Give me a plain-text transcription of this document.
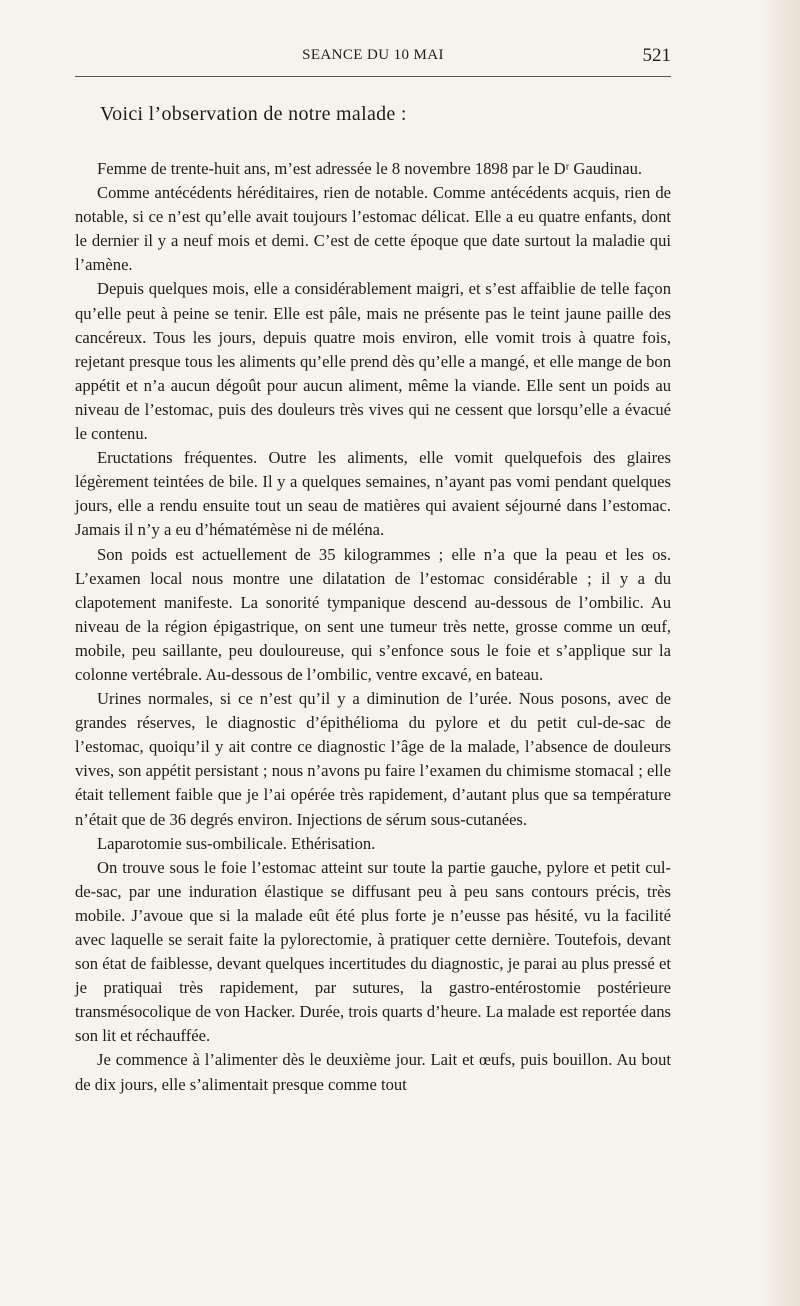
SEANCE DU 10 MAI	521
Voici l’observation de notre malade :

Femme de trente-huit ans, m’est adressée le 8 novembre 1898 par le Dʳ Gaudinau.

Comme antécédents héréditaires, rien de notable. Comme antécédents acquis, rien de notable, si ce n’est qu’elle avait toujours l’estomac délicat. Elle a eu quatre enfants, dont le dernier il y a neuf mois et demi. C’est de cette époque que date surtout la maladie qui l’amène.

Depuis quelques mois, elle a considérablement maigri, et s’est affaiblie de telle façon qu’elle peut à peine se tenir. Elle est pâle, mais ne présente pas le teint jaune paille des cancéreux. Tous les jours, depuis quatre mois environ, elle vomit trois à quatre fois, rejetant presque tous les aliments qu’elle prend dès qu’elle a mangé, et elle mange de bon appétit et n’a aucun dégoût pour aucun aliment, même la viande. Elle sent un poids au niveau de l’estomac, puis des douleurs très vives qui ne cessent que lorsqu’elle a évacué le contenu.

Eructations fréquentes. Outre les aliments, elle vomit quelquefois des glaires légèrement teintées de bile. Il y a quelques semaines, n’ayant pas vomi pendant quelques jours, elle a rendu ensuite tout un seau de matières qui avaient séjourné dans l’estomac. Jamais il n’y a eu d’hématémèse ni de méléna.

Son poids est actuellement de 35 kilogrammes ; elle n’a que la peau et les os. L’examen local nous montre une dilatation de l’estomac considérable ; il y a du clapotement manifeste. La sonorité tympanique descend au-dessous de l’ombilic. Au niveau de la région épigastrique, on sent une tumeur très nette, grosse comme un œuf, mobile, peu saillante, peu douloureuse, qui s’enfonce sous le foie et s’applique sur la colonne vertébrale. Au-dessous de l’ombilic, ventre excavé, en bateau.

Urines normales, si ce n’est qu’il y a diminution de l’urée. Nous posons, avec de grandes réserves, le diagnostic d’épithélioma du pylore et du petit cul-de-sac de l’estomac, quoiqu’il y ait contre ce diagnostic l’âge de la malade, l’absence de douleurs vives, son appétit persistant ; nous n’avons pu faire l’examen du chimisme stomacal ; elle était tellement faible que je l’ai opérée très rapidement, d’autant plus que sa température n’était que de 36 degrés environ. Injections de sérum sous-cutanées.

Laparotomie sus-ombilicale. Ethérisation.

On trouve sous le foie l’estomac atteint sur toute la partie gauche, pylore et petit cul-de-sac, par une induration élastique se diffusant peu à peu sans contours précis, très mobile. J’avoue que si la malade eût été plus forte je n’eusse pas hésité, vu la facilité avec laquelle se serait faite la pylorectomie, à pratiquer cette dernière. Toutefois, devant son état de faiblesse, devant quelques incertitudes du diagnostic, je parai au plus pressé et je pratiquai très rapidement, par sutures, la gastro-entérostomie postérieure transmésocolique de von Hacker. Durée, trois quarts d’heure. La malade est reportée dans son lit et réchauffée.

Je commence à l’alimenter dès le deuxième jour. Lait et œufs, puis bouillon. Au bout de dix jours, elle s’alimentait presque comme tout
